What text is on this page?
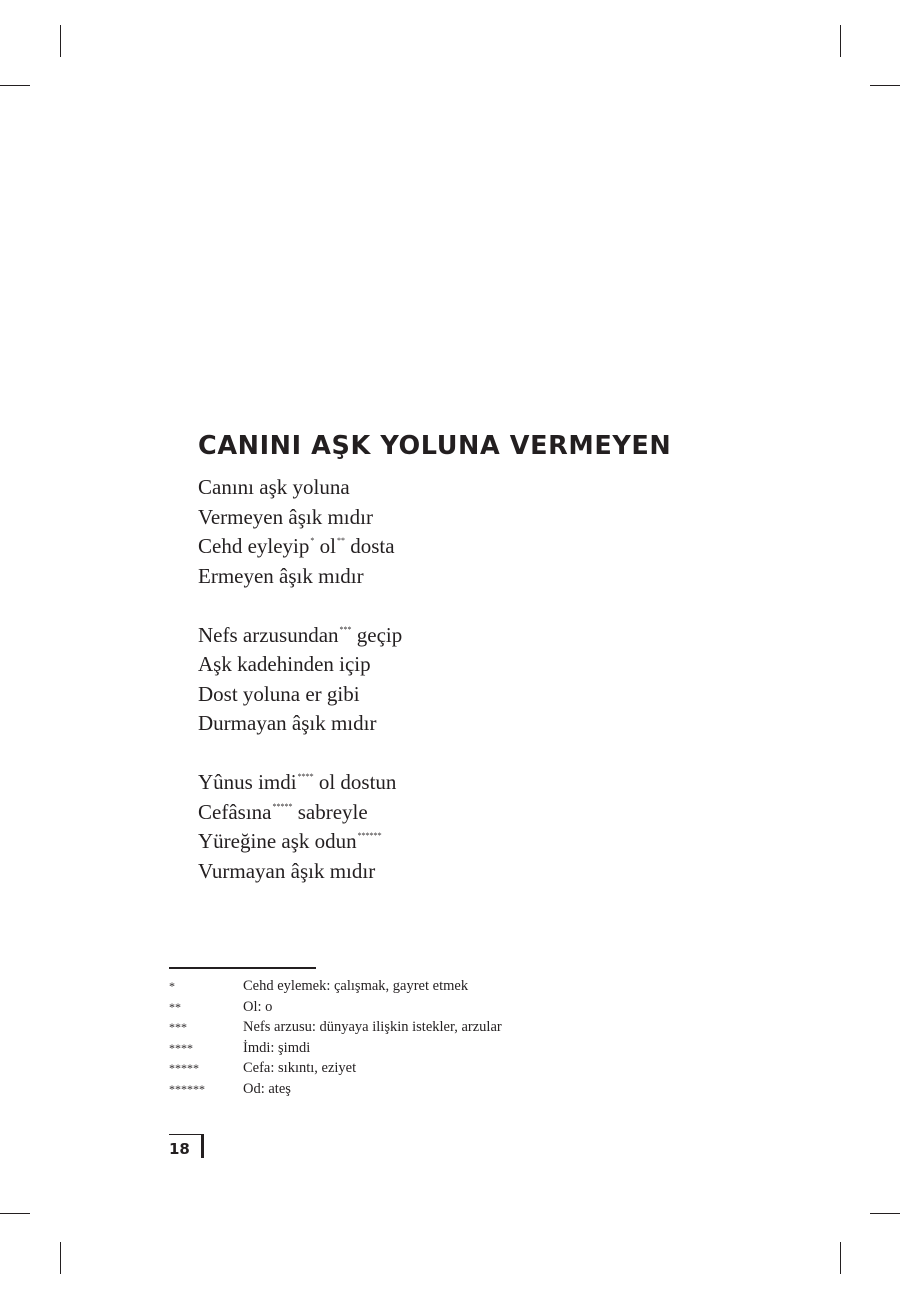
CANINI AŞK YOLUNA VERMEYEN
Canını aşk yoluna
Vermeyen âşık mıdır
Cehd eyleyip* ol** dosta
Ermeyen âşık mıdır
Nefs arzusundan*** geçip
Aşk kadehinden içip
Dost yoluna er gibi
Durmayan âşık mıdır
Yûnus imdi**** ol dostun
Cefâsına***** sabreyle
Yüreğine aşk odun******
Vurmayan âşık mıdır
*	Cehd eylemek: çalışmak, gayret etmek
**	Ol: o
***	Nefs arzusu: dünyaya ilişkin istekler, arzular
****	İmdi: şimdi
*****	Cefa: sıkıntı, eziyet
******	Od: ateş
18
